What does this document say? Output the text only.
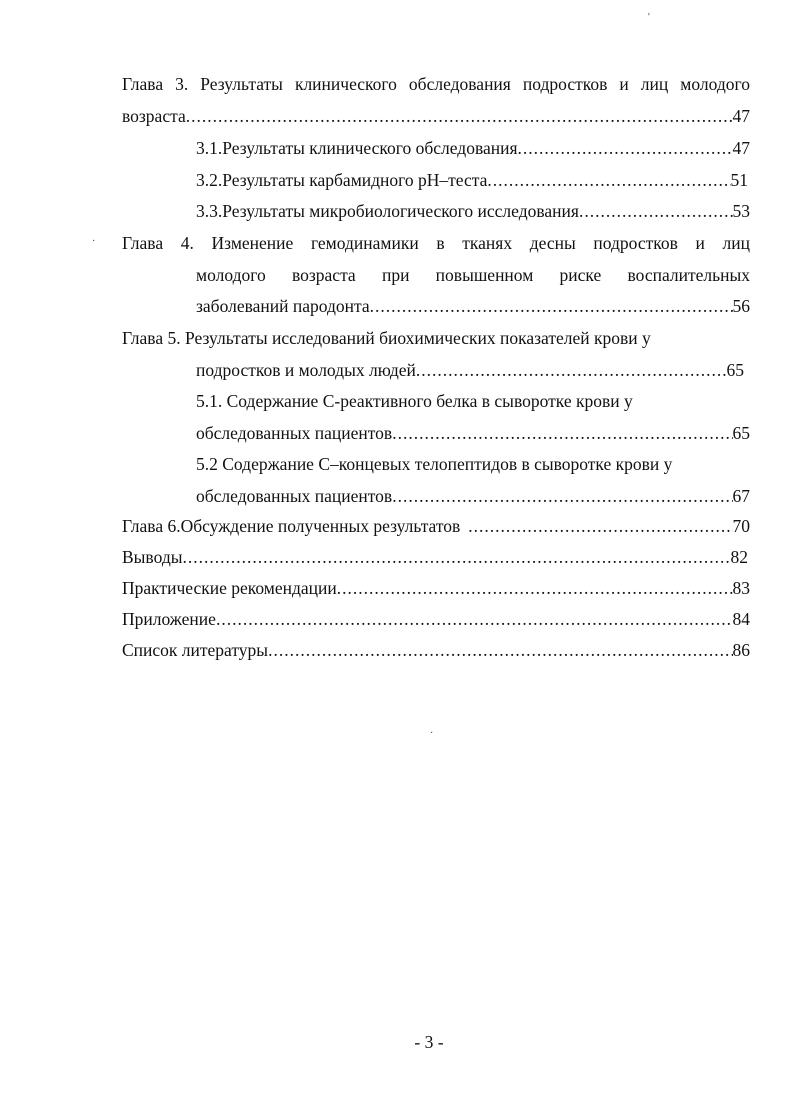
'
·
·
Глава 3. Результаты клинического обследования подростков и лиц молодого
возраста .....	47
3.1. Результаты клинического обследования .....	47
3.2. Результаты карбамидного рН–теста .....	51
3.3. Результаты микробиологического исследования .....	53
Глава 4. Изменение гемодинамики в тканях десны подростков и лиц
молодого возраста при повышенном риске воспалительных
заболеваний пародонта .....	56
Глава 5. Результаты исследований биохимических показателей крови у
подростков и молодых людей .....	65
5.1. Содержание С-реактивного белка в сыворотке крови у
обследованных пациентов .....	65
5.2 Содержание С–концевых телопептидов в сыворотке крови у
обследованных пациентов .....	67
Глава 6.Обсуждение полученных результатов .....	70
Выводы .....	82
Практические рекомендации .....	83
Приложение .....	84
Список литературы .....	86
- 3 -
